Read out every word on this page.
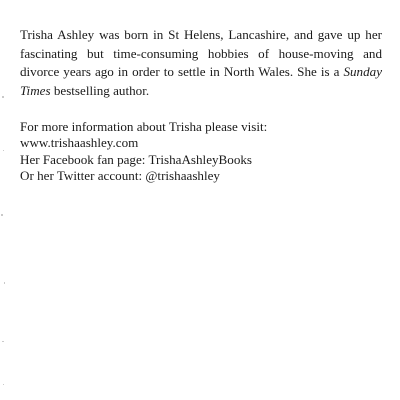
Trisha Ashley was born in St Helens, Lancashire, and gave up her fascinating but time-consuming hobbies of house-moving and divorce years ago in order to settle in North Wales. She is a Sunday Times bestselling author.

For more information about Trisha please visit:
www.trishaashley.com
Her Facebook fan page: TrishaAshleyBooks
Or her Twitter account: @trishaashley
